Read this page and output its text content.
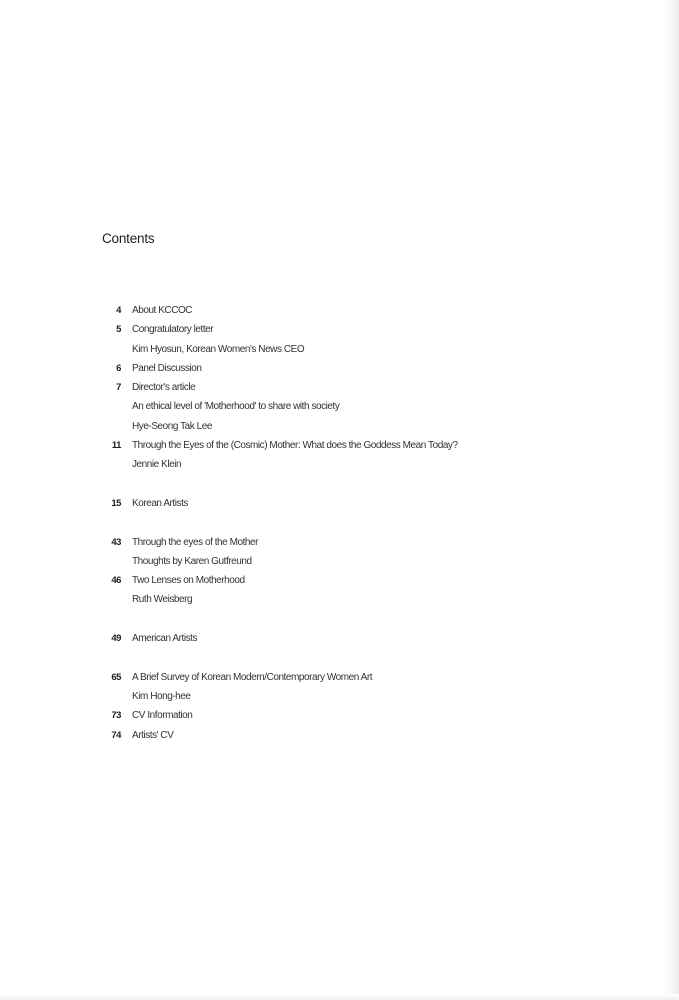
Contents
4 About KCCOC
5 Congratulatory letter
Kim Hyosun, Korean Women's News CEO
6 Panel Discussion
7 Director's article
An ethical level of 'Motherhood' to share with society
Hye-Seong Tak Lee
11 Through the Eyes of the (Cosmic) Mother: What does the Goddess Mean Today?
Jennie Klein
15 Korean Artists
43 Through the eyes of the Mother
Thoughts by Karen Gutfreund
46 Two Lenses on Motherhood
Ruth Weisberg
49 American Artists
65 A Brief Survey of Korean Modern/Contemporary Women Art
Kim Hong-hee
73 CV Information
74 Artists' CV
